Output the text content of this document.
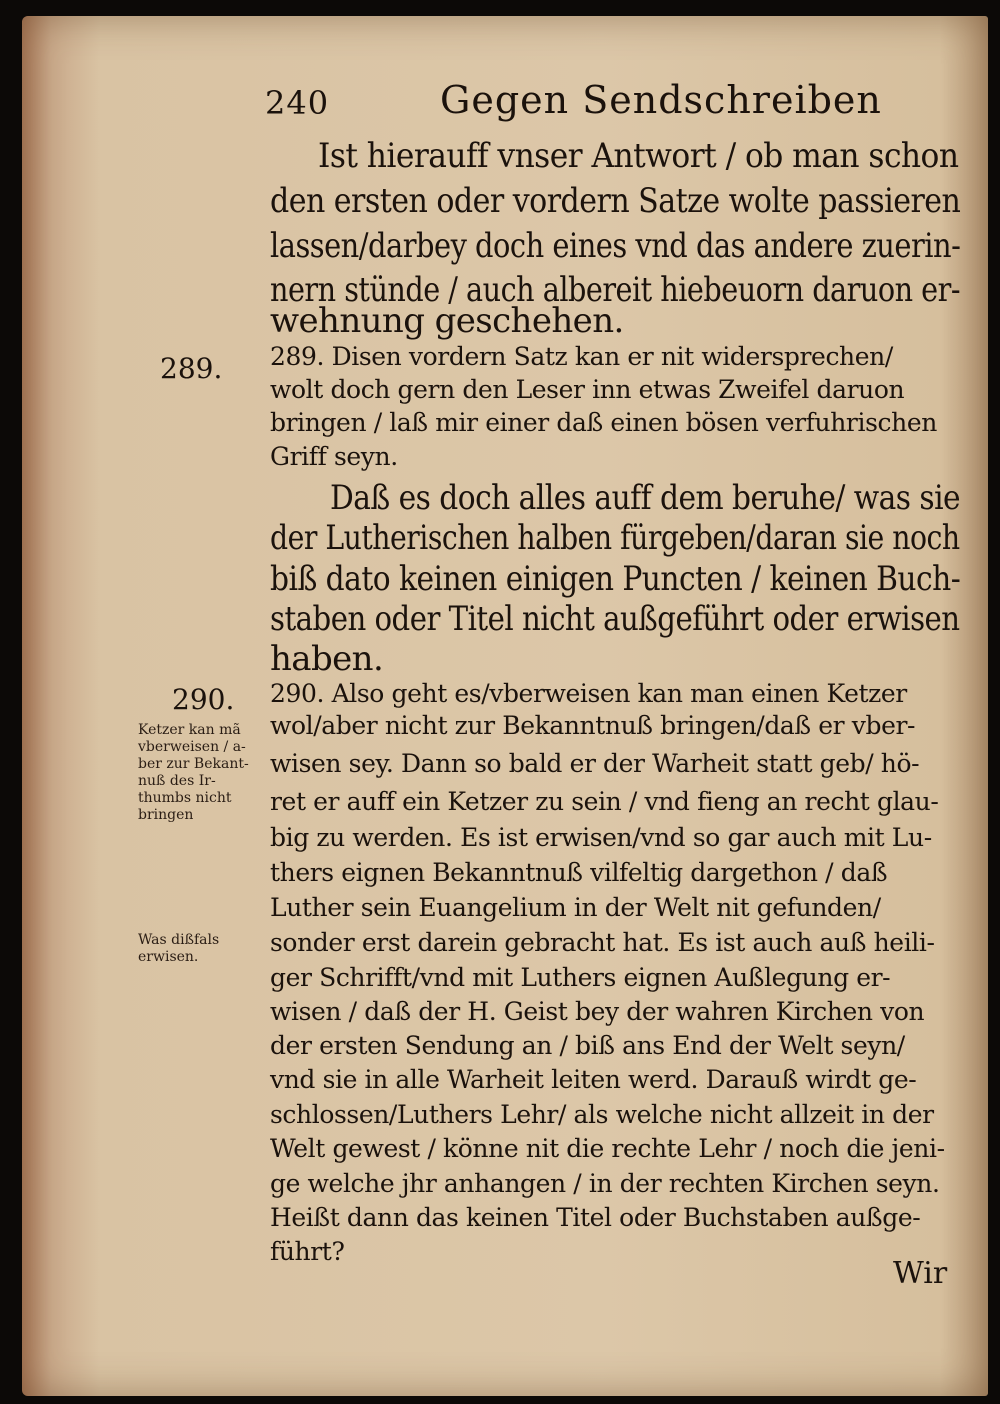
240	Gegen Sendschreiben
Ist hierauff vnser Antwort / ob man schon
den ersten oder vordern Satze wolte passieren
lassen/darbey doch eines vnd das andere zuerin-
nern stünde / auch albereit hiebeuorn daruon er-
wehnung geschehen.
289. 289. Disen vordern Satz kan er nit widersprechen/
wolt doch gern den Leser inn etwas Zweifel daruon
bringen / laß mir einer daß einen bösen verfuhrischen
Griff seyn.
Daß es doch alles auff dem beruhe/ was sie
der Lutherischen halben fürgeben/daran sie noch
biß dato keinen einigen Puncten / keinen Buch-
staben oder Titel nicht außgeführt oder erwisen
haben.
290. 290. Also geht es/vberweisen kan man einen Ketzer
wol/aber nicht zur Bekanntnuß bringen/daß er vber-
wisen sey. Dann so bald er der Warheit statt geb/ hö-
ret er auff ein Ketzer zu sein / vnd fieng an recht glau-
big zu werden. Es ist erwisen/vnd so gar auch mit Lu-
thers eignen Bekanntnuß vilfeltig dargethon / daß
Luther sein Euangelium in der Welt nit gefunden/
sonder erst darein gebracht hat. Es ist auch auß heili-
ger Schrifft/vnd mit Luthers eignen Außlegung er-
wisen / daß der H. Geist bey der wahren Kirchen von
der ersten Sendung an / biß ans End der Welt seyn/
vnd sie in alle Warheit leiten werd. Darauß wirdt ge-
schlossen/Luthers Lehr/ als welche nicht allzeit in der
Welt gewest / könne nit die rechte Lehr / noch die jeni-
ge welche jhr anhangen / in der rechten Kirchen seyn.
Heißt dann das keinen Titel oder Buchstaben außge-
führt?
Ketzer kan mã
vberweisen / a-
ber zur Bekant-
nuß des Ir-
thumbs nicht
bringen
Was dißfals
erwisen.
Wir
